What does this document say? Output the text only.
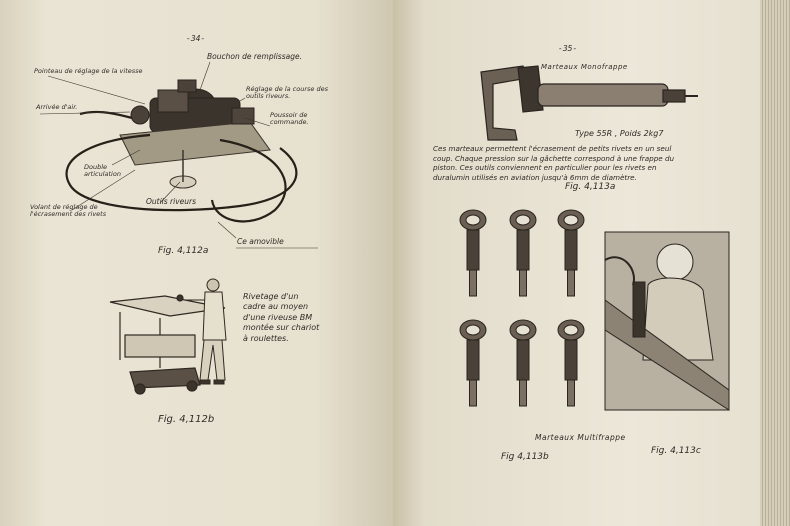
-34-
Bouchon de remplissage.
Pointeau de réglage de la vitesse
Réglage de la course des outils riveurs.
Arrivée d'air.
Poussoir de commande.
Double articulation
Volant de réglage de l'écrasement des rivets
Outils riveurs
Ce amovible
Fig. 4,112a
Rivetage d'un
cadre au moyen
d'une riveuse BM
montée sur chariot
à roulettes.
Fig. 4,112b
-35-
Marteaux Monofrappe
Type 55R , Poids 2kg7
Ces marteaux permettent l'écrasement de petits rivets en un seul
coup. Chaque pression sur la gâchette correspond à une frappe du
piston. Ces outils conviennent en particulier pour les rivets en
duralumin utilisés en aviation jusqu'à 6mm de diamètre.
Fig. 4,113a
Marteaux Multifrappe
Fig 4,113b
Fig. 4,113c
